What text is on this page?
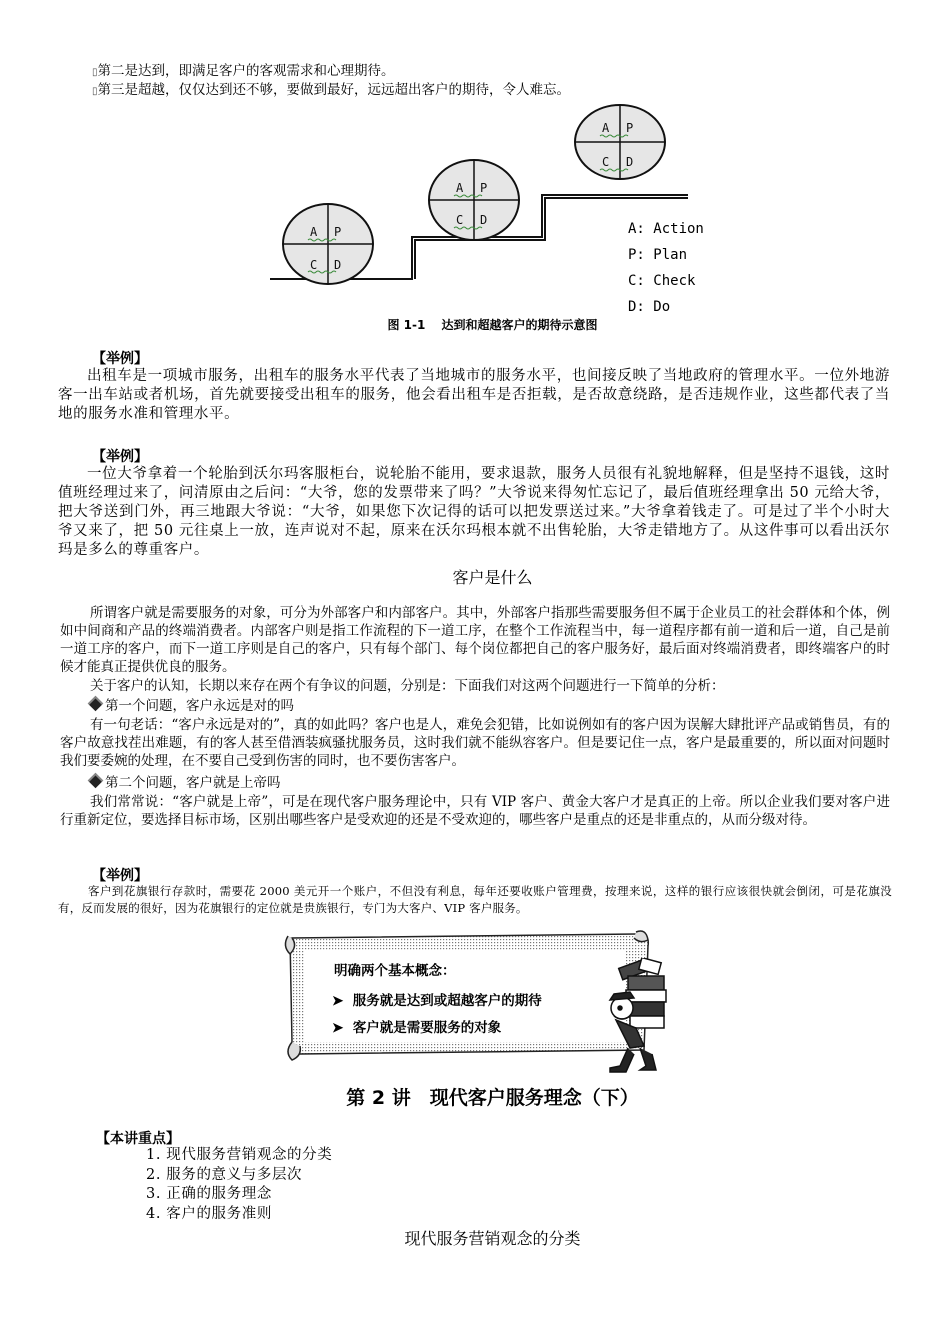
▯第二是达到，即满足客户的客观需求和心理期待。
▯第三是超越，仅仅达到还不够，要做到最好，远远超出客户的期待，令人难忘。
A P
C D
A P
C D
A P
C D
A: Action
P: Plan
C: Check
D: Do
图 1-1　 达到和超越客户的期待示意图
【举例】
出租车是一项城市服务，出租车的服务水平代表了当地城市的服务水平，也间接反映了当地政府的管理水平。一位外地游客一出车站或者机场，首先就要接受出租车的服务，他会看出租车是否拒载，是否故意绕路，是否违规作业，这些都代表了当地的服务水准和管理水平。
【举例】
一位大爷拿着一个轮胎到沃尔玛客服柜台，说轮胎不能用，要求退款，服务人员很有礼貌地解释，但是坚持不退钱，这时值班经理过来了，问清原由之后问：“大爷，您的发票带来了吗？”大爷说来得匆忙忘记了，最后值班经理拿出 50 元给大爷，把大爷送到门外，再三地跟大爷说：“大爷，如果您下次记得的话可以把发票送过来。”大爷拿着钱走了。可是过了半个小时大爷又来了，把 50 元往桌上一放，连声说对不起，原来在沃尔玛根本就不出售轮胎，大爷走错地方了。从这件事可以看出沃尔玛是多么的尊重客户。
客户是什么
所谓客户就是需要服务的对象，可分为外部客户和内部客户。其中，外部客户指那些需要服务但不属于企业员工的社会群体和个体，例如中间商和产品的终端消费者。内部客户则是指工作流程的下一道工序，在整个工作流程当中，每一道程序都有前一道和后一道，自己是前一道工序的客户，而下一道工序则是自己的客户，只有每个部门、每个岗位都把自己的客户服务好，最后面对终端消费者，即终端客户的时候才能真正提供优良的服务。
关于客户的认知，长期以来存在两个有争议的问题，分别是：下面我们对这两个问题进行一下简单的分析：
第一个问题，客户永远是对的吗
有一句老话：“客户永远是对的”，真的如此吗？客户也是人，难免会犯错，比如说例如有的客户因为误解大肆批评产品或销售员，有的客户故意找茬出难题，有的客人甚至借酒装疯骚扰服务员，这时我们就不能纵容客户。但是要记住一点，客户是最重要的，所以面对问题时我们要委婉的处理，在不要自己受到伤害的同时，也不要伤害客户。
第二个问题，客户就是上帝吗
我们常常说：“客户就是上帝”，可是在现代客户服务理论中，只有 VIP 客户、黄金大客户才是真正的上帝。所以企业我们要对客户进行重新定位，要选择目标市场，区别出哪些客户是受欢迎的还是不受欢迎的，哪些客户是重点的还是非重点的，从而分级对待。
【举例】
客户到花旗银行存款时，需要花 2000 美元开一个账户，不但没有利息，每年还要收账户管理费，按理来说，这样的银行应该很快就会倒闭，可是花旗没有，反而发展的很好，因为花旗银行的定位就是贵族银行，专门为大客户、VIP 客户服务。
明确两个基本概念：
➤ 服务就是达到或超越客户的期待
➤ 客户就是需要服务的对象
第 2 讲　现代客户服务理念（下）
【本讲重点】
1. 现代服务营销观念的分类
2. 服务的意义与多层次
3. 正确的服务理念
4. 客户的服务准则
现代服务营销观念的分类
